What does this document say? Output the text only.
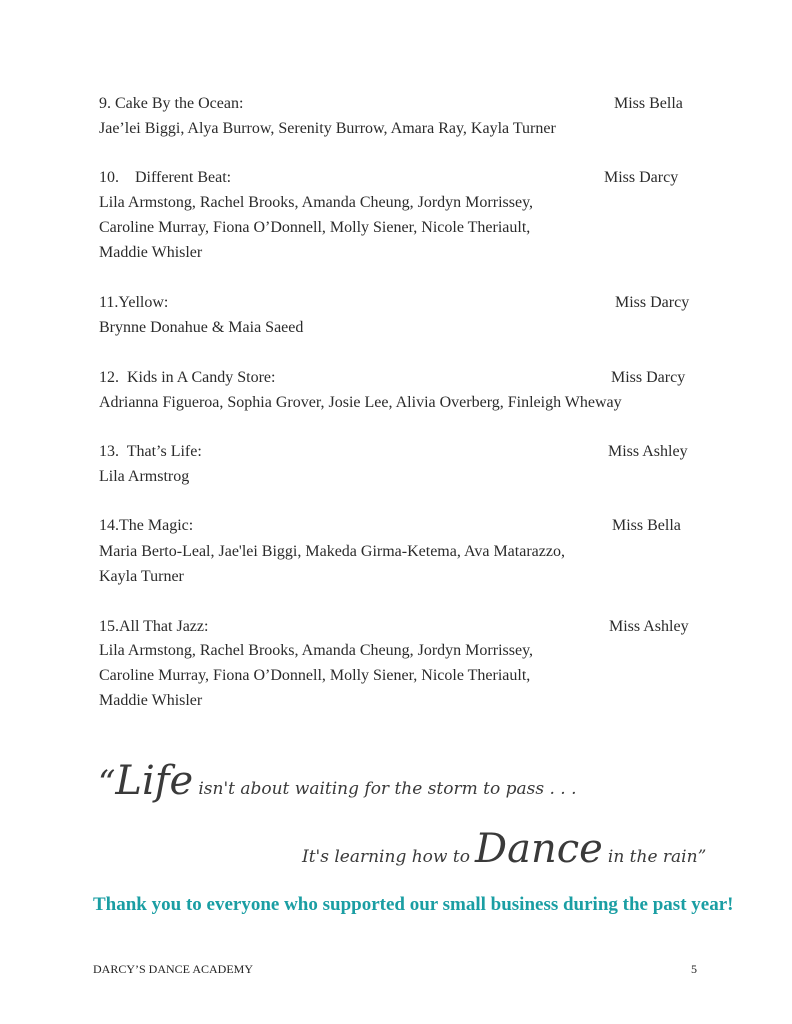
9. Cake By the Ocean:	Miss Bella
Jae’lei Biggi, Alya Burrow, Serenity Burrow, Amara Ray, Kayla Turner
10.    Different Beat:	Miss Darcy
Lila Armstong, Rachel Brooks, Amanda Cheung, Jordyn Morrissey,
Caroline Murray, Fiona O’Donnell, Molly Siener, Nicole Theriault,
Maddie Whisler
11.Yellow:	Miss Darcy
Brynne Donahue & Maia Saeed
12.  Kids in A Candy Store:	Miss Darcy
Adrianna Figueroa, Sophia Grover, Josie Lee, Alivia Overberg, Finleigh Wheway
13.  That’s Life:	Miss Ashley
Lila Armstrog
14.The Magic:	Miss Bella
Maria Berto-Leal, Jae'lei Biggi, Makeda Girma-Ketema, Ava Matarazzo,
Kayla Turner
15.All That Jazz:	Miss Ashley
Lila Armstong, Rachel Brooks, Amanda Cheung, Jordyn Morrissey,
Caroline Murray, Fiona O’Donnell, Molly Siener, Nicole Theriault,
Maddie Whisler
“Life isn't about waiting for the storm to pass . . .
It's learning how to Dance in the rain”
Thank you to everyone who supported our small business during the past year!
DARCY’S DANCE ACADEMY	5
